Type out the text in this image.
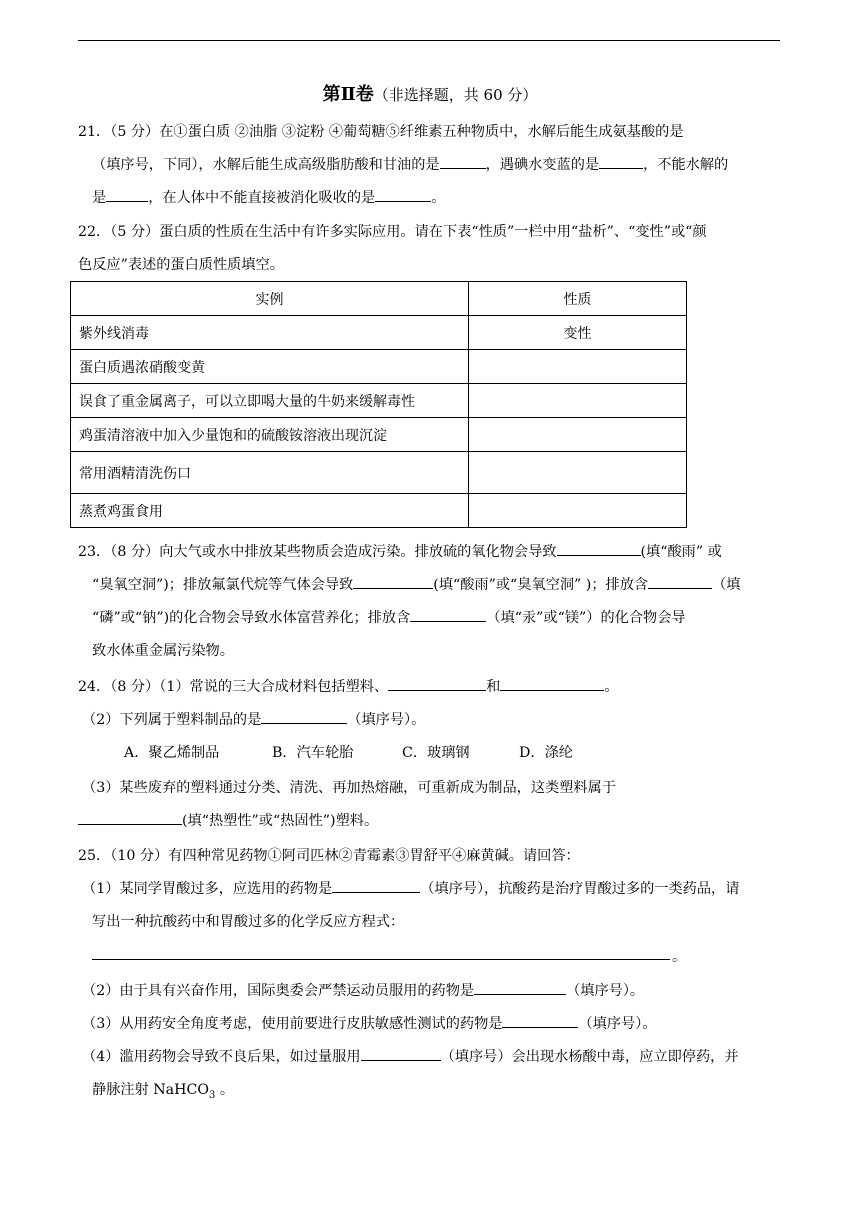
第Ⅱ卷（非选择题，共 60 分）
21．（5 分）在①蛋白质 ②油脂 ③淀粉 ④葡萄糖⑤纤维素五种物质中，水解后能生成氨基酸的是
（填序号，下同），水解后能生成高级脂肪酸和甘油的是	，遇碘水变蓝的是	，不能水解的
是	，在人体中不能直接被消化吸收的是	。
22．（5 分）蛋白质的性质在生活中有许多实际应用。请在下表“性质”一栏中用“盐析”、“变性”或“颜
色反应”表述的蛋白质性质填空。
实例	性质
紫外线消毒	变性
蛋白质遇浓硝酸变黄	
误食了重金属离子，可以立即喝大量的牛奶来缓解毒性	
鸡蛋清溶液中加入少量饱和的硫酸铵溶液出现沉淀	
常用酒精清洗伤口	
蒸煮鸡蛋食用	
23．（8 分）向大气或水中排放某些物质会造成污染。排放硫的氧化物会导致	(填“酸雨” 或
“臭氧空洞”)；排放氟氯代烷等气体会导致	(填“酸雨”或“臭氧空洞” )；排放含	（填
“磷”或“钠”)的化合物会导致水体富营养化；排放含	（填“汞”或“镁”）的化合物会导
致水体重金属污染物。
24．（8 分）（1）常说的三大合成材料包括塑料、	和	。
（2）下列属于塑料制品的是	（填序号）。
A．聚乙烯制品	B．汽车轮胎	C．玻璃钢	D．涤纶
（3）某些废弃的塑料通过分类、清洗、再加热熔融，可重新成为制品，这类塑料属于
(填“热塑性”或“热固性”)塑料。
25．（10 分）有四种常见药物①阿司匹林②青霉素③胃舒平④麻黄碱。请回答：
（1）某同学胃酸过多，应选用的药物是	（填序号），抗酸药是治疗胃酸过多的一类药品，请
写出一种抗酸药中和胃酸过多的化学反应方程式：
。
（2）由于具有兴奋作用，国际奥委会严禁运动员服用的药物是	（填序号）。
（3）从用药安全角度考虑，使用前要进行皮肤敏感性测试的药物是	（填序号）。
（4）滥用药物会导致不良后果，如过量服用	（填序号）会出现水杨酸中毒，应立即停药，并
静脉注射 NaHCO$_3$ 。
